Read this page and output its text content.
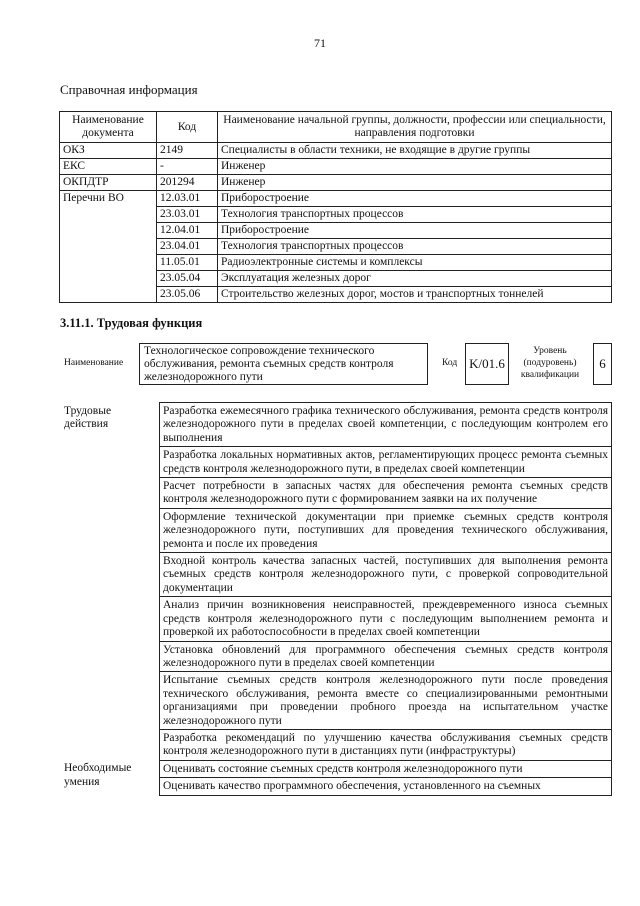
71
Справочная информация
Наименование документа	Код	Наименование начальной группы, должности, профессии или специальности, направления подготовки
ОКЗ	2149	Специалисты в области техники, не входящие в другие группы
ЕКС	-	Инженер
ОКПДТР	201294	Инженер
Перечни ВО	12.03.01	Приборостроение
	23.03.01	Технология транспортных процессов
	12.04.01	Приборостроение
	23.04.01	Технология транспортных процессов
	11.05.01	Радиоэлектронные системы и комплексы
	23.05.04	Эксплуатация железных дорог
	23.05.06	Строительство железных дорог, мостов и транспортных тоннелей
3.11.1. Трудовая функция
Наименование
Технологическое сопровождение технического обслуживания, ремонта съемных средств контроля железнодорожного пути
Код K/01.6
Уровень (подуровень) квалификации
6
Трудовые действия	Разработка ежемесячного графика технического обслуживания, ремонта средств контроля железнодорожного пути в пределах своей компетенции, с последующим контролем его выполнения
	Разработка локальных нормативных актов, регламентирующих процесс ремонта съемных средств контроля железнодорожного пути, в пределах своей компетенции
	Расчет потребности в запасных частях для обеспечения ремонта съемных средств контроля железнодорожного пути с формированием заявки на их получение
	Оформление технической документации при приемке съемных средств контроля железнодорожного пути, поступивших для проведения технического обслуживания, ремонта и после их проведения
	Входной контроль качества запасных частей, поступивших для выполнения ремонта съемных средств контроля железнодорожного пути, с проверкой сопроводительной документации
	Анализ причин возникновения неисправностей, преждевременного износа съемных средств контроля железнодорожного пути с последующим выполнением ремонта и проверкой их работоспособности в пределах своей компетенции
	Установка обновлений для программного обеспечения съемных средств контроля железнодорожного пути в пределах своей компетенции
	Испытание съемных средств контроля железнодорожного пути после проведения технического обслуживания, ремонта вместе со специализированными ремонтными организациями при проведении пробного проезда на испытательном участке железнодорожного пути
	Разработка рекомендаций по улучшению качества обслуживания съемных средств контроля железнодорожного пути в дистанциях пути (инфраструктуры)
Необходимые умения	Оценивать состояние съемных средств контроля железнодорожного пути
	Оценивать качество программного обеспечения, установленного на съемных
